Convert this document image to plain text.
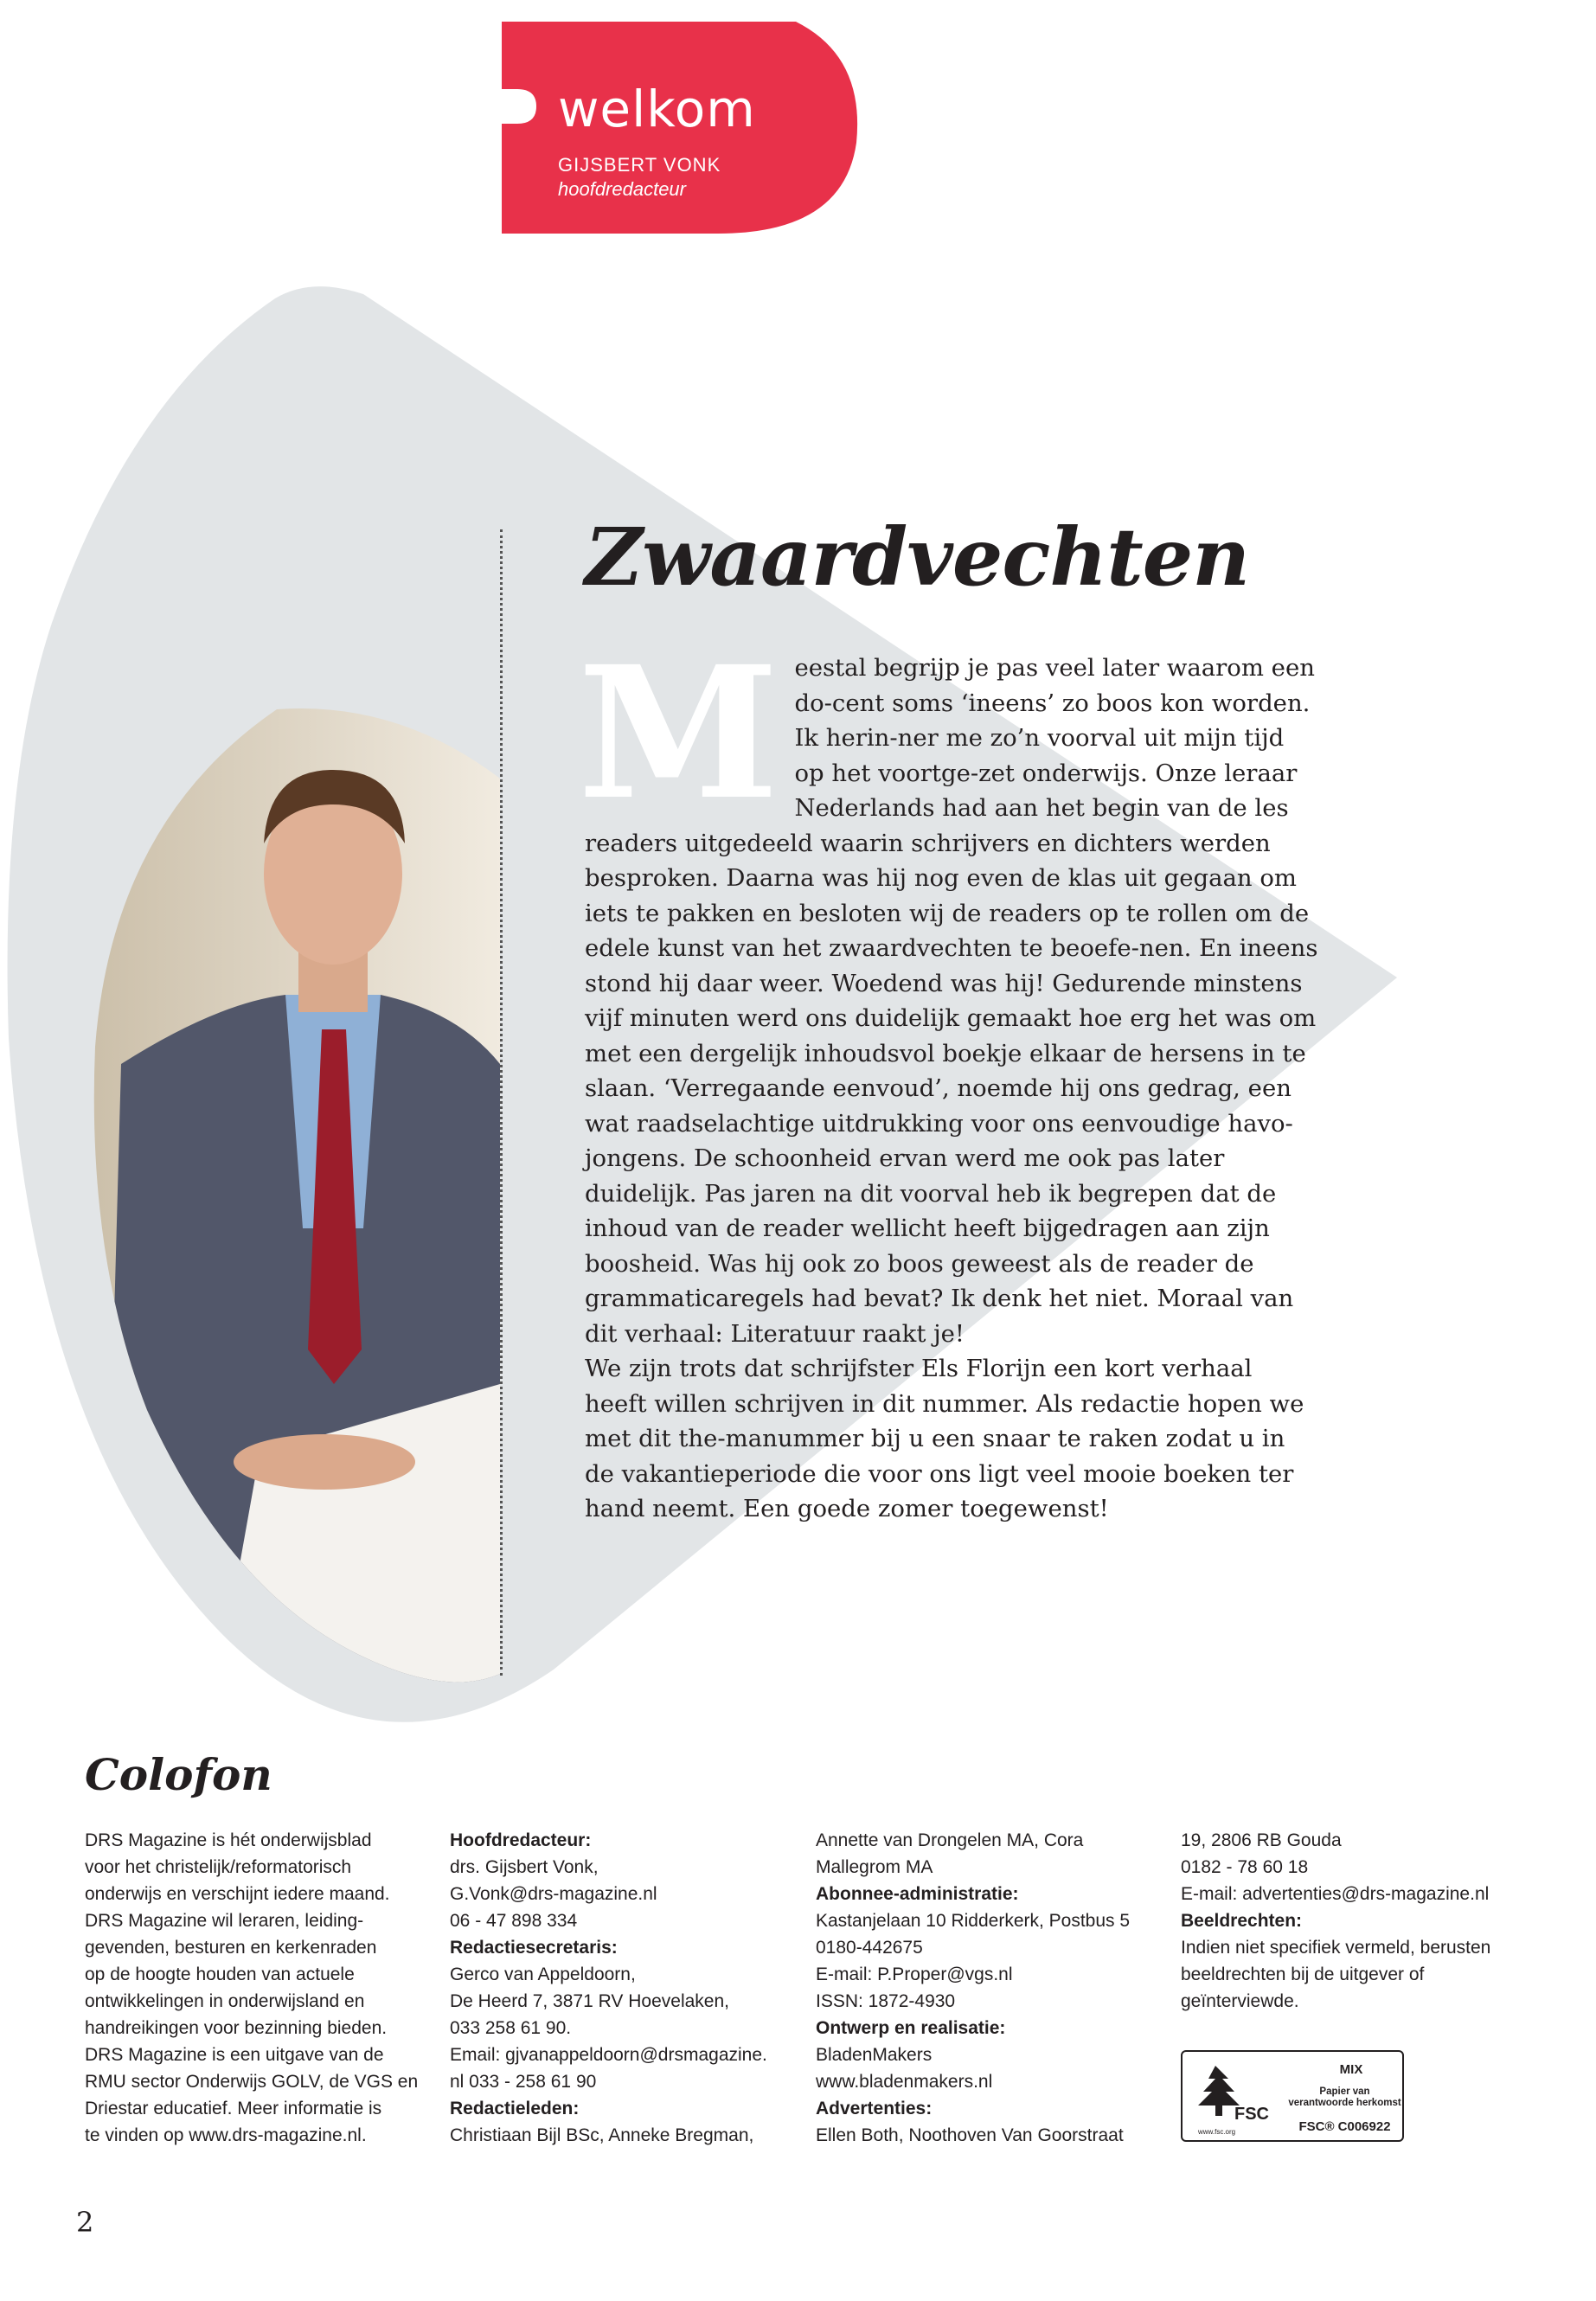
welkom
GIJSBERT VONK
hoofdredacteur
Zwaardvechten
M eestal begrijp je pas veel later waarom een do-cent soms ‘ineens’ zo boos kon worden. Ik herin-ner me zo’n voorval uit mijn tijd op het voortge-zet onderwijs. Onze leraar Nederlands had aan het begin van de les readers uitgedeeld waarin schrijvers en dichters werden besproken. Daarna was hij nog even de klas uit gegaan om iets te pakken en besloten wij de readers op te rollen om de edele kunst van het zwaardvechten te beoefe-nen. En ineens stond hij daar weer. Woedend was hij! Gedurende minstens vijf minuten werd ons duidelijk gemaakt hoe erg het was om met een dergelijk inhoudsvol boekje elkaar de hersens in te slaan. ‘Verregaande eenvoud’, noemde hij ons gedrag, een wat raadselachtige uitdrukking voor ons eenvoudige havo-jongens. De schoonheid ervan werd me ook pas later duidelijk. Pas jaren na dit voorval heb ik begrepen dat de inhoud van de reader wellicht heeft bijgedragen aan zijn boosheid. Was hij ook zo boos geweest als de reader de grammaticaregels had bevat? Ik denk het niet. Moraal van dit verhaal: Literatuur raakt je!

We zijn trots dat schrijfster Els Florijn een kort verhaal heeft willen schrijven in dit nummer. Als redactie hopen we met dit the-manummer bij u een snaar te raken zodat u in de vakantieperiode die voor ons ligt veel mooie boeken ter hand neemt. Een goede zomer toegewenst!

Colofon
DRS Magazine is hét onderwijsblad
voor het christelijk/reformatorisch
onderwijs en verschijnt iedere maand.
DRS Magazine wil leraren, leiding-
gevenden, besturen en kerkenraden
op de hoogte houden van actuele
ontwikkelingen in onderwijsland en
handreikingen voor bezinning bieden.
DRS Magazine is een uitgave van de
RMU sector Onderwijs GOLV, de VGS en
Driestar educatief. Meer informatie is
te vinden op www.drs-magazine.nl.
Hoofdredacteur:
drs. Gijsbert Vonk,
G.Vonk@drs-magazine.nl
06 - 47 898 334
Redactiesecretaris:
Gerco van Appeldoorn,
De Heerd 7, 3871 RV Hoevelaken,
033 258 61 90.
Email: gjvanappeldoorn@drsmagazine.
nl 033 - 258 61 90
Redactieleden:
Christiaan Bijl BSc, Anneke Bregman,
Annette van Drongelen MA, Cora
Mallegrom MA
Abonnee-administratie:
Kastanjelaan 10 Ridderkerk, Postbus 5
0180-442675
E-mail: P.Proper@vgs.nl
ISSN: 1872-4930
Ontwerp en realisatie:
BladenMakers
www.bladenmakers.nl
Advertenties:
Ellen Both, Noothoven Van Goorstraat
19, 2806 RB Gouda
0182 - 78 60 18
E-mail: advertenties@drs-magazine.nl
Beeldrechten:
Indien niet specifiek vermeld, berusten
beeldrechten bij de uitgever of
geïnterviewde.
FSC
www.fsc.org
MIX
Papier van
verantwoorde herkomst
FSC® C006922
2
